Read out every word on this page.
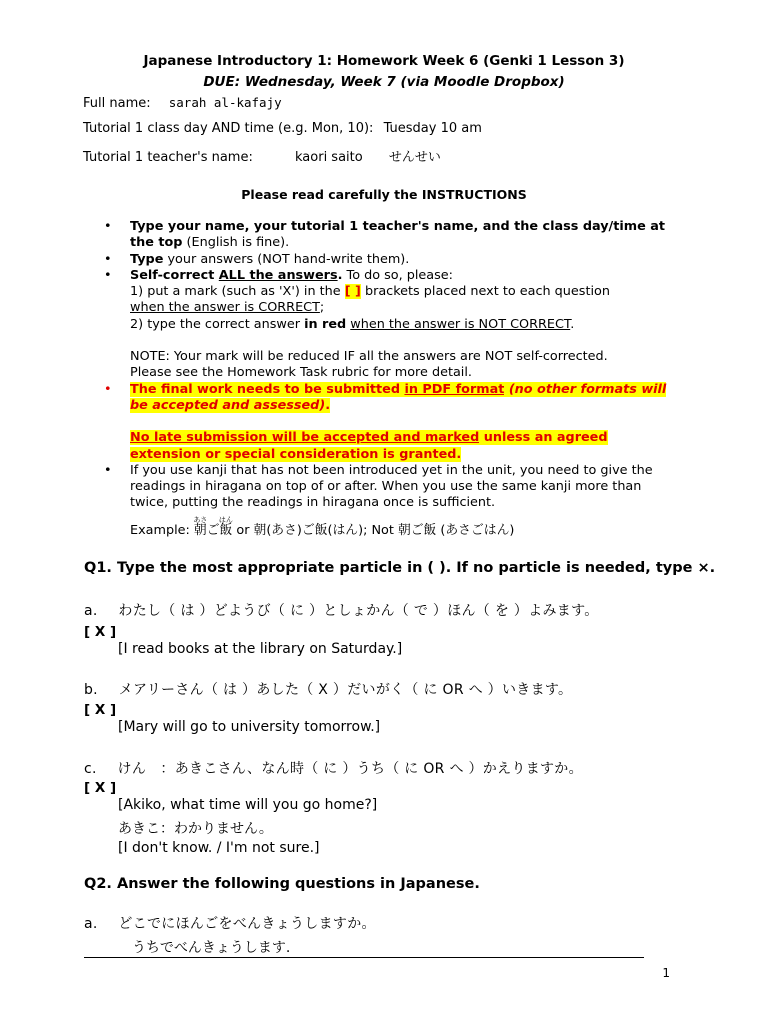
Japanese Introductory 1: Homework Week 6 (Genki 1 Lesson 3)
DUE: Wednesday, Week 7 (via Moodle Dropbox)
Full name: sarah al-kafajy
Tutorial 1 class day AND time (e.g. Mon, 10): Tuesday 10 am
Tutorial 1 teacher's name:	kaori saito せんせい
Please read carefully the INSTRUCTIONS
• Type your name, your tutorial 1 teacher's name, and the class day/time at the top (English is fine).
• Type your answers (NOT hand-write them).
• Self-correct ALL the answers. To do so, please:
1) put a mark (such as 'X') in the [ ] brackets placed next to each question
when the answer is CORRECT;
2) type the correct answer in red when the answer is NOT CORRECT.
NOTE: Your mark will be reduced IF all the answers are NOT self-corrected.
Please see the Homework Task rubric for more detail.
• The final work needs to be submitted in PDF format (no other formats will be accepted and assessed).
No late submission will be accepted and marked unless an agreed extension or special consideration is granted.
• If you use kanji that has not been introduced yet in the unit, you need to give the readings in hiragana on top of or after. When you use the same kanji more than twice, putting the readings in hiragana once is sufficient.
Example: 朝あさご飯はん or 朝(あさ)ご飯(はん); Not 朝ご飯 (あさごはん)
Q1. Type the most appropriate particle in ( ). If no particle is needed, type ×.
a. わたし（ は ）どようび（ に ）としょかん（ で ）ほん（ を ）よみます。
[ X ]
[I read books at the library on Saturday.]
b. メアリーさん（ は ）あした（ X ）だいがく（ に OR へ ）いきます。
[ X ]
[Mary will go to university tomorrow.]
c. けん　：あきこさん、なん時（ に ）うち（ に OR へ ）かえりますか。
[ X ]
[Akiko, what time will you go home?]
あきこ：わかりません。
[I don't know. / I'm not sure.]
Q2. Answer the following questions in Japanese.
a. どこでにほんごをべんきょうしますか。
うちでべんきょうします.
1
